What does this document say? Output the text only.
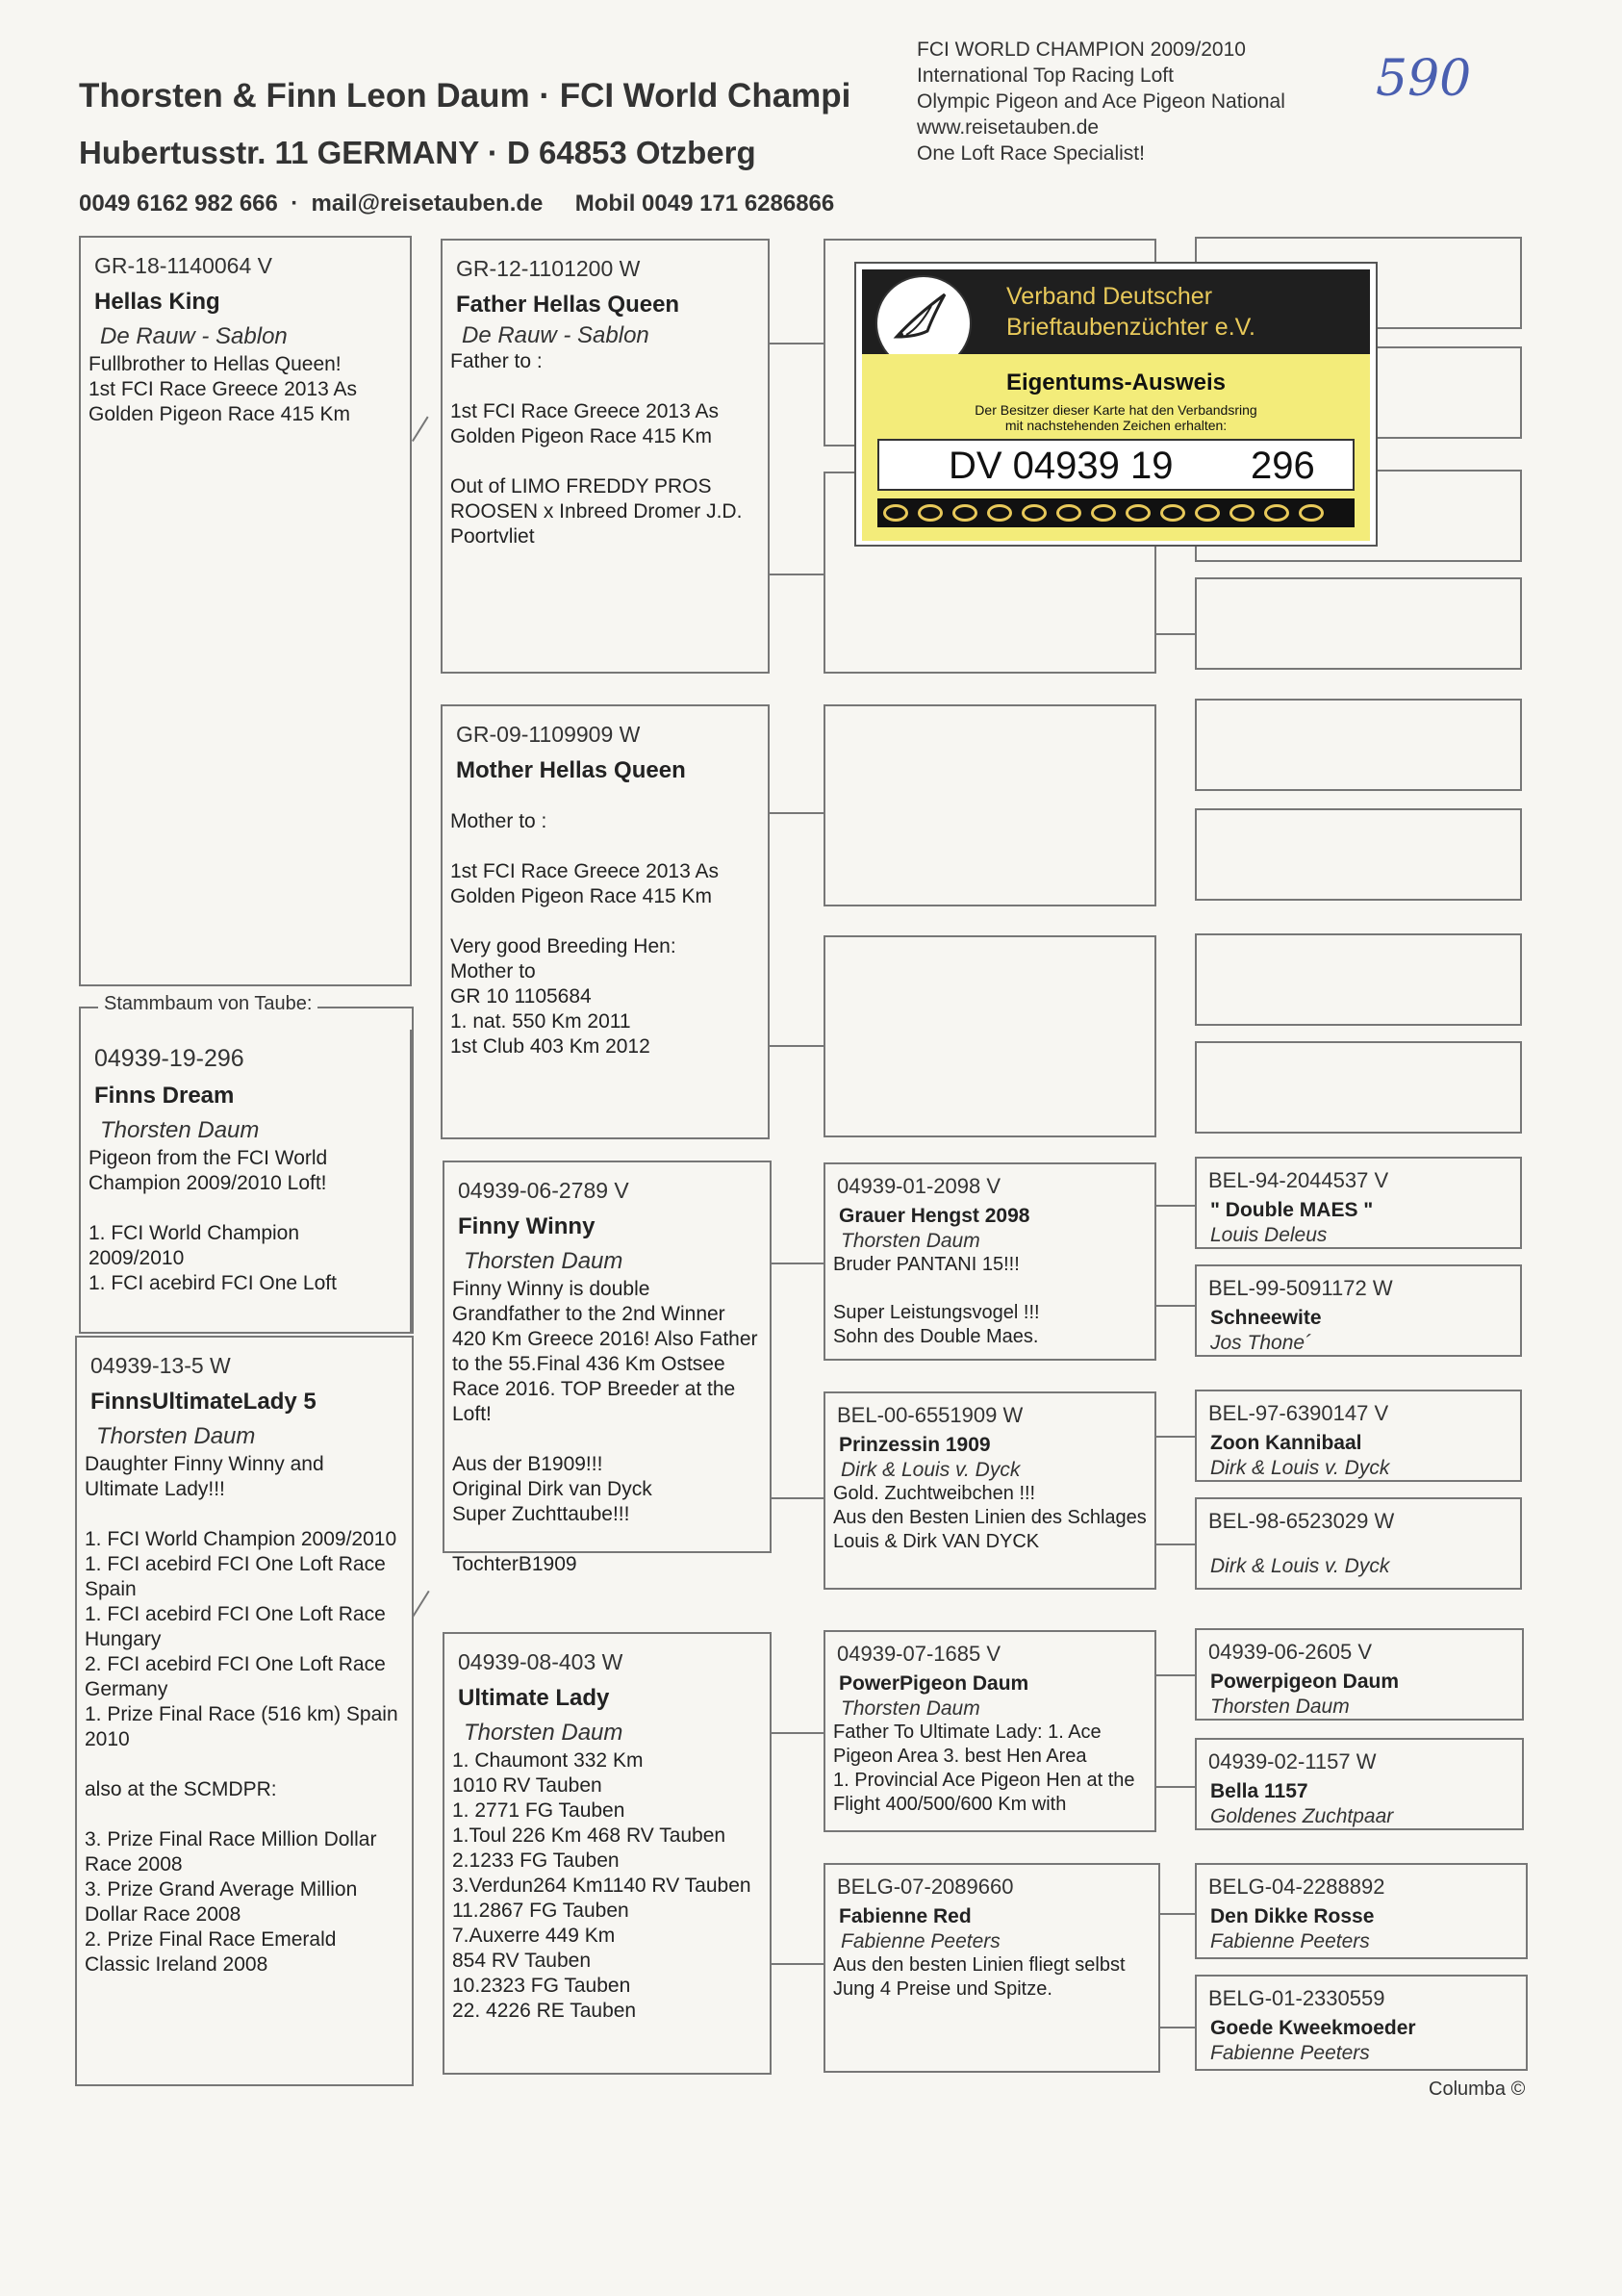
Thorsten & Finn Leon Daum · FCI World Champi
Hubertusstr. 11 GERMANY · D 64853 Otzberg
0049 6162 982 666  ·  mail@reisetauben.de Mobil 0049 171 6286866
FCI WORLD CHAMPION 2009/2010
International Top Racing Loft
Olympic Pigeon and Ace Pigeon National
www.reisetauben.de
One Loft Race Specialist!
590
GR-18-1140064 V
Hellas King
De Rauw - Sablon
Fullbrother to Hellas Queen!
1st FCI Race Greece 2013 As Golden Pigeon Race 415 Km
Stammbaum von Taube:
04939-19-296
Finns Dream
Thorsten Daum
Pigeon from the FCI World Champion 2009/2010 Loft!

1. FCI World Champion 2009/2010
1. FCI acebird FCI One Loft
04939-13-5 W
FinnsUltimateLady 5
Thorsten Daum
Daughter Finny Winny and Ultimate Lady!!!

1. FCI World Champion 2009/2010
1. FCI acebird FCI One Loft Race Spain
1. FCI acebird FCI One Loft Race Hungary
2. FCI acebird FCI One Loft Race Germany
1. Prize Final Race (516 km) Spain 2010

also at the SCMDPR:

3. Prize Final Race Million Dollar Race 2008
3. Prize Grand Average Million Dollar Race 2008
2. Prize Final Race Emerald Classic Ireland 2008
GR-12-1101200 W
Father Hellas Queen
De Rauw - Sablon
Father to :

1st FCI Race Greece 2013 As Golden Pigeon Race 415 Km

Out of LIMO FREDDY PROS ROOSEN x Inbreed Dromer J.D. Poortvliet
GR-09-1109909 W
Mother Hellas Queen
Mother to :

1st FCI Race Greece 2013 As Golden Pigeon Race 415 Km

Very good Breeding Hen:
Mother to
GR 10 1105684
1. nat. 550 Km 2011
1st Club 403 Km 2012
04939-06-2789 V
Finny Winny
Thorsten Daum
Finny Winny is double Grandfather to the 2nd Winner 420 Km Greece 2016! Also Father to the 55.Final 436 Km Ostsee Race 2016. TOP Breeder at the Loft!

Aus der B1909!!!
Original Dirk van Dyck
Super Zuchttaube!!!

TochterB1909
04939-08-403 W
Ultimate Lady
Thorsten Daum
1. Chaumont 332 Km
1010 RV Tauben
1. 2771 FG Tauben
1.Toul 226 Km 468 RV Tauben
2.1233 FG Tauben
3.Verdun264 Km1140 RV Tauben
11.2867 FG Tauben
7.Auxerre 449 Km
854 RV Tauben
10.2323 FG Tauben
22. 4226 RE Tauben
04939-01-2098 V
Grauer Hengst 2098
Thorsten Daum
Bruder PANTANI 15!!!

Super Leistungsvogel !!!
Sohn des Double Maes.
BEL-00-6551909 W
Prinzessin 1909
Dirk & Louis v. Dyck
Gold. Zuchtweibchen !!!
Aus den Besten Linien des Schlages Louis & Dirk VAN DYCK
04939-07-1685 V
PowerPigeon Daum
Thorsten Daum
Father To Ultimate Lady: 1. Ace Pigeon Area 3. best Hen Area
1. Provincial Ace Pigeon Hen at the Flight 400/500/600 Km with
BELG-07-2089660
Fabienne Red
Fabienne Peeters
Aus den besten Linien fliegt selbst Jung 4 Preise und Spitze.
BEL-94-2044537 V
" Double MAES "
Louis Deleus
BEL-99-5091172 W
Schneewite
Jos Thone´
BEL-97-6390147 V
Zoon Kannibaal
Dirk & Louis v. Dyck
BEL-98-6523029 W
Dirk & Louis v. Dyck
04939-06-2605 V
Powerpigeon Daum
Thorsten Daum
04939-02-1157 W
Bella 1157
Goldenes Zuchtpaar
BELG-04-2288892
Den Dikke Rosse
Fabienne Peeters
BELG-01-2330559
Goede Kweekmoeder
Fabienne Peeters
Verband Deutscher
Brieftaubenzüchter e.V.
Eigentums-Ausweis
Der Besitzer dieser Karte hat den Verbandsring
mit nachstehenden Zeichen erhalten:
DV 04939 19 296
Columba ©
